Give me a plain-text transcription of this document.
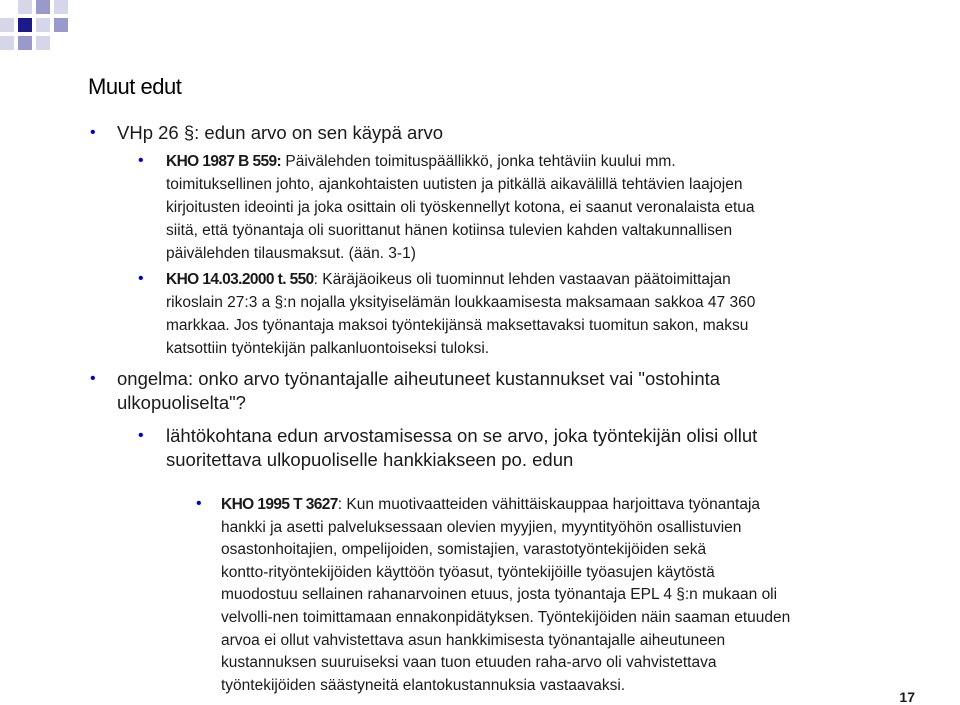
Muut edut
• VHp 26 §: edun arvo on sen käypä arvo

• KHO 1987 B 559: Päivälehden toimituspäällikkö, jonka tehtäviin kuului mm.
toimituksellinen johto, ajankohtaisten uutisten ja pitkällä aikavälillä tehtävien laajojen
kirjoitusten ideointi ja joka osittain oli työskennellyt kotona, ei saanut veronalaista etua
siitä, että työnantaja oli suorittanut hänen kotiinsa tulevien kahden valtakunnallisen
päivälehden tilausmaksut. (ään. 3-1)
• KHO 14.03.2000 t. 550: Käräjäoikeus oli tuominnut lehden vastaavan päätoimittajan
rikoslain 27:3 a §:n nojalla yksityiselämän loukkaamisesta maksamaan sakkoa 47 360
markkaa. Jos työnantaja maksoi työntekijänsä maksettavaksi tuomitun sakon, maksu
katsottiin työntekijän palkanluontoiseksi tuloksi.
• ongelma: onko arvo työnantajalle aiheutuneet kustannukset vai "ostohinta
ulkopuoliselta"?
• lähtökohtana edun arvostamisessa on se arvo, joka työntekijän olisi ollut
suoritettava ulkopuoliselle hankkiakseen po. edun
• KHO 1995 T 3627: Kun muotivaatteiden vähittäiskauppaa harjoittava työnantaja
hankki ja asetti palveluksessaan olevien myyjien, myyntityöhön osallistuvien
osastonhoitajien, ompelijoiden, somistajien, varastotyöntekijöiden sekä
kontto-rityöntekijöiden käyttöön työasut, työntekijöille työasujen käytöstä
muodostuu sellainen rahanarvoinen etuus, josta työnantaja EPL 4 §:n mukaan oli
velvolli-nen toimittamaan ennakonpidätyksen. Työntekijöiden näin saaman etuuden
arvoa ei ollut vahvistettava asun hankkimisesta työnantajalle aiheutuneen
kustannuksen suuruiseksi vaan tuon etuuden raha-arvo oli vahvistettava
työntekijöiden säästyneitä elantokustannuksia vastaavaksi.
17
